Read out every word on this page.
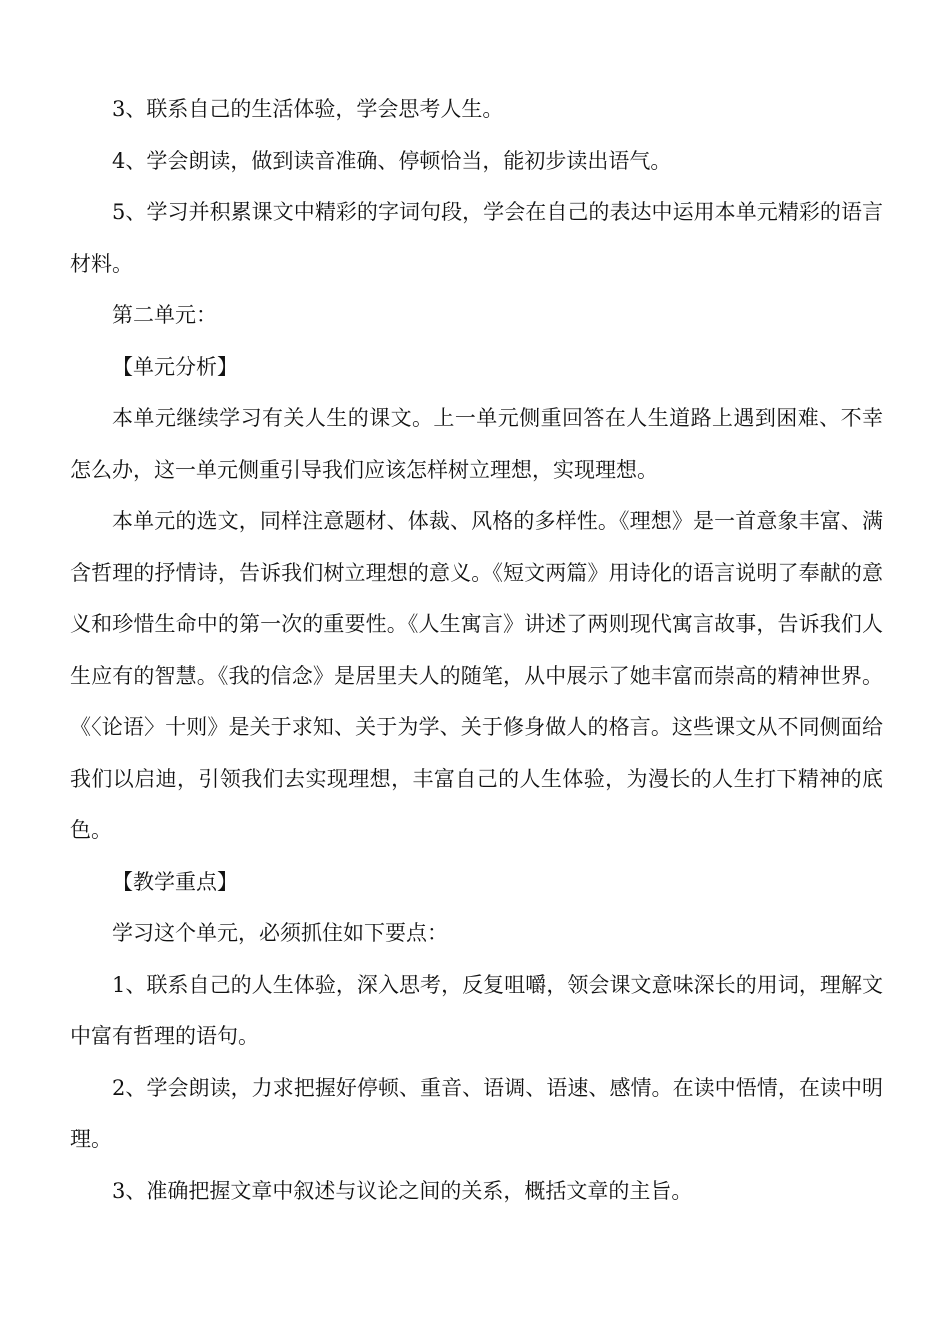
3、联系自己的生活体验，学会思考人生。

4、学会朗读，做到读音准确、停顿恰当，能初步读出语气。

5、学习并积累课文中精彩的字词句段，学会在自己的表达中运用本单元精彩的语言材料。

第二单元：

【单元分析】

本单元继续学习有关人生的课文。上一单元侧重回答在人生道路上遇到困难、不幸怎么办，这一单元侧重引导我们应该怎样树立理想，实现理想。

本单元的选文，同样注意题材、体裁、风格的多样性。《理想》是一首意象丰富、满含哲理的抒情诗，告诉我们树立理想的意义。《短文两篇》用诗化的语言说明了奉献的意义和珍惜生命中的第一次的重要性。《人生寓言》讲述了两则现代寓言故事，告诉我们人生应有的智慧。《我的信念》是居里夫人的随笔，从中展示了她丰富而崇高的精神世界。《〈论语〉十则》是关于求知、关于为学、关于修身做人的格言。这些课文从不同侧面给我们以启迪，引领我们去实现理想，丰富自己的人生体验，为漫长的人生打下精神的底色。

【教学重点】

学习这个单元，必须抓住如下要点：

1、联系自己的人生体验，深入思考，反复咀嚼，领会课文意味深长的用词，理解文中富有哲理的语句。

2、学会朗读，力求把握好停顿、重音、语调、语速、感情。在读中悟情，在读中明理。

3、准确把握文章中叙述与议论之间的关系，概括文章的主旨。
